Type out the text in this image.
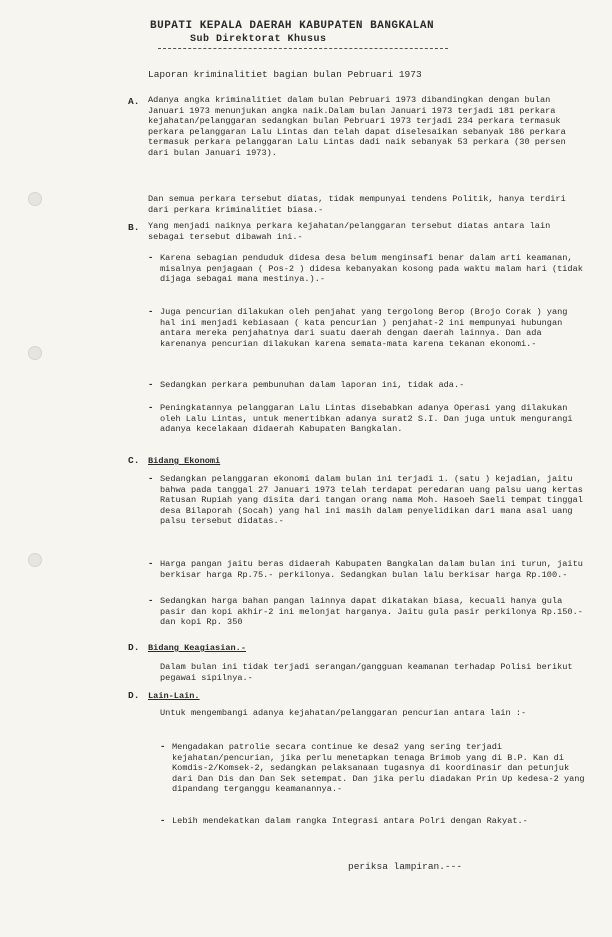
BUPATI KEPALA DAERAH KABUPATEN BANGKALAN
Sub Direktorat Khusus
Laporan kriminalitiet bagian bulan Pebruari 1973
A. Adanya angka kriminalitiet dalam bulan Pebruari 1973 dibandingkan dengan bulan Januari 1973 menunjukan angka naik.Dalam bulan Januari 1973 terjadi 181 perkara kejahatan/pelanggaran sedangkan bulan Pebruari 1973 terjadi 234 perkara termasuk perkara pelanggaran Lalu Lintas dan telah dapat diselesaikan sebanyak 186 perkara termasuk perkara pelanggaran Lalu Lintas dadi naik sebanyak 53 perkara (30 persen dari bulan Januari 1973).
Dan semua perkara tersebut diatas, tidak mempunyai tendens Politik, hanya terdiri dari perkara kriminalitiet biasa.-
B. Yang menjadi naiknya perkara kejahatan/pelanggaran tersebut diatas antara lain sebagai tersebut dibawah ini.-
- Karena sebagian penduduk didesa desa belum menginsafi benar dalam arti keamanan, misalnya penjagaan ( Pos-2 ) didesa kebanyakan kosong pada waktu malam hari (tidak dijaga sebagai mana mestinya.).-
- Juga pencurian dilakukan oleh penjahat yang tergolong Berop (Brojo Corak ) yang hal ini menjadi kebiasaan ( kata pencurian ) penjahat-2 ini mempunyai hubungan antara mereka penjahatnya dari suatu daerah dengan daerah lainnya. Dan ada karenanya pencurian dilakukan karena semata-mata karena tekanan ekonomi.-
- Sedangkan perkara pembunuhan dalam laporan ini, tidak ada.-
- Peningkatannya pelanggaran Lalu Lintas disebabkan adanya Operasi yang dilakukan oleh Lalu Lintas, untuk menertibkan adanya surat2 S.I. Dan juga untuk mengurangi adanya kecelakaan didaerah Kabupaten Bangkalan.
C. Bidang Ekonomi
- Sedangkan pelanggaran ekonomi dalam bulan ini terjadi 1. (satu ) kejadian, jaitu bahwa pada tanggal 27 Januari 1973 telah terdapat peredaran uang palsu uang kertas Ratusan Rupiah yang disita dari tangan orang nama Moh. Hasoeh Saeli tempat tinggal desa Bilaporah (Socah) yang hal ini masih dalam penyelidikan dari mana asal uang palsu tersebut didatas.-
- Harga pangan jaitu beras didaerah Kabupaten Bangkalan dalam bulan ini turun, jaitu berkisar harga Rp.75.- perkilonya. Sedangkan bulan lalu berkisar harga Rp.100.-
- Sedangkan harga bahan pangan lainnya dapat dikatakan biasa, kecuali hanya gula pasir dan kopi akhir-2 ini melonjat harganya. Jaitu gula pasir perkilonya Rp.150.- dan kopi Rp. 350
D. Bidang Keagiasian.-
Dalam bulan ini tidak terjadi serangan/gangguan keamanan terhadap Polisi berikut pegawai sipilnya.-
D. Lain-Lain.
Untuk mengembangi adanya kejahatan/pelanggaran pencurian antara lain :-
- Mengadakan patrolie secara continue ke desa2 yang sering terjadi kejahatan/pencurian, jika perlu menetapkan tenaga Brimob yang di B.P. Kan di Komdis-2/Komsek-2, sedangkan pelaksanaan tugasnya di koordinasir dan petunjuk dari Dan Dis dan Dan Sek setempat. Dan jika perlu diadakan Prin Up kedesa-2 yang dipandang terganggu keamanannya.-
- Lebih mendekatkan dalam rangka Integrasi antara Polri dengan Rakyat.-
periksa lampiran.---
